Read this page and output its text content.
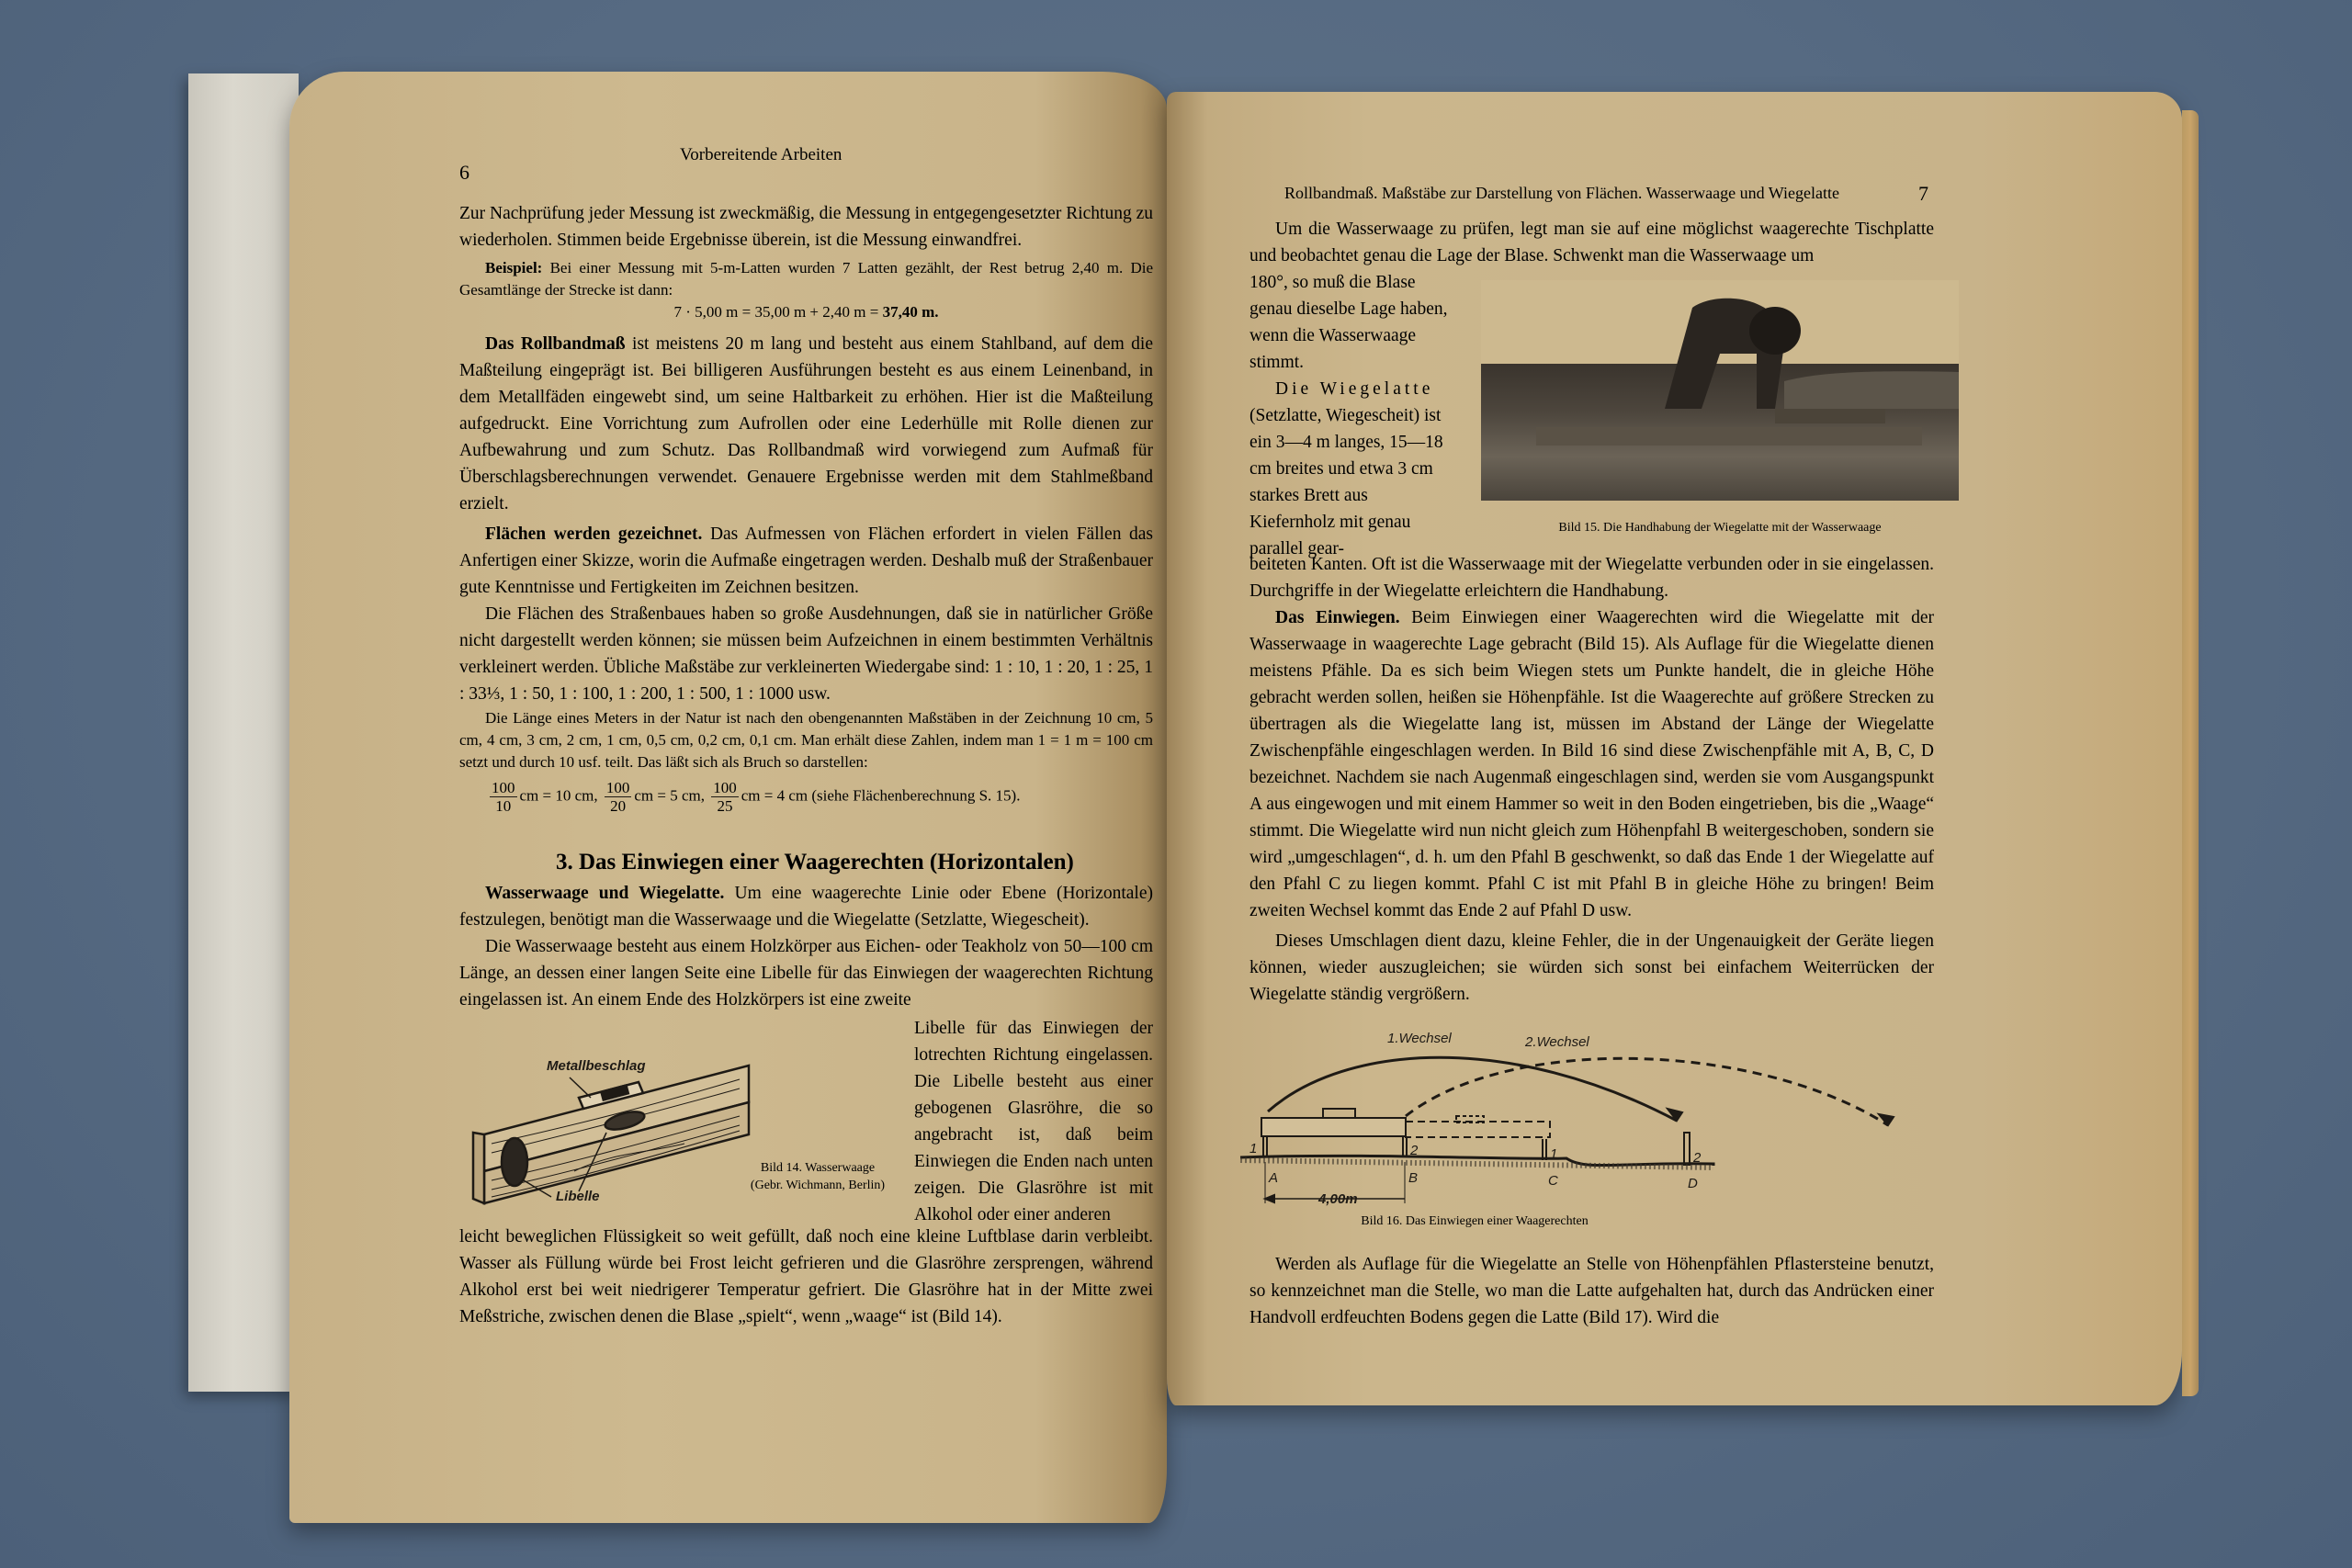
6
Vorbereitende Arbeiten

Zur Nachprüfung jeder Messung ist zweckmäßig, die Messung in entgegengesetzter Richtung zu wiederholen. Stimmen beide Ergebnisse überein, ist die Messung einwandfrei.

Beispiel: Bei einer Messung mit 5-m-Latten wurden 7 Latten gezählt, der Rest betrug 2,40 m. Die Gesamtlänge der Strecke ist dann:

7 · 5,00 m = 35,00 m + 2,40 m = 37,40 m.

Das Rollbandmaß ist meistens 20 m lang und besteht aus einem Stahlband, auf dem die Maßteilung eingeprägt ist. Bei billigeren Ausführungen besteht es aus einem Leinenband, in dem Metallfäden eingewebt sind, um seine Haltbarkeit zu erhöhen. Hier ist die Maßteilung aufgedruckt. Eine Vorrichtung zum Aufrollen oder eine Lederhülle mit Rolle dienen zur Aufbewahrung und zum Schutz. Das Rollbandmaß wird vorwiegend zum Aufmaß für Überschlagsberechnungen verwendet. Genauere Ergebnisse werden mit dem Stahlmeßband erzielt.

Flächen werden gezeichnet. Das Aufmessen von Flächen erfordert in vielen Fällen das Anfertigen einer Skizze, worin die Aufmaße eingetragen werden. Deshalb muß der Straßenbauer gute Kenntnisse und Fertigkeiten im Zeichnen besitzen.

Die Flächen des Straßenbaues haben so große Ausdehnungen, daß sie in natürlicher Größe nicht dargestellt werden können; sie müssen beim Aufzeichnen in einem bestimmten Verhältnis verkleinert werden. Übliche Maßstäbe zur verkleinerten Wiedergabe sind: 1 : 10, 1 : 20, 1 : 25, 1 : 33⅓, 1 : 50, 1 : 100, 1 : 200, 1 : 500, 1 : 1000 usw.

Die Länge eines Meters in der Natur ist nach den obengenannten Maßstäben in der Zeichnung 10 cm, 5 cm, 4 cm, 3 cm, 2 cm, 1 cm, 0,5 cm, 0,2 cm, 0,1 cm. Man erhält diese Zahlen, indem man 1 = 1 m = 100 cm setzt und durch 10 usf. teilt. Das läßt sich als Bruch so darstellen:

$\frac{100}{10}$ cm = 10 cm, $\frac{100}{20}$ cm = 5 cm, $\frac{100}{25}$ cm = 4 cm (siehe Flächenberechnung S. 15).

3. Das Einwiegen einer Waagerechten (Horizontalen)

Wasserwaage und Wiegelatte. Um eine waagerechte Linie oder Ebene (Horizontale) festzulegen, benötigt man die Wasserwaage und die Wiegelatte (Setzlatte, Wiegescheit).

Die Wasserwaage besteht aus einem Holzkörper aus Eichen- oder Teakholz von 50—100 cm Länge, an dessen einer langen Seite eine Libelle für das Einwiegen der waagerechten Richtung eingelassen ist. An einem Ende des Holzkörpers ist eine zweite

Metallbeschlag
Libelle
Bild 14. Wasserwaage
(Gebr. Wichmann, Berlin)

Libelle für das Einwiegen der lotrechten Richtung eingelassen. Die Libelle besteht aus einer gebogenen Glasröhre, die so angebracht ist, daß beim Einwiegen die Enden nach unten zeigen. Die Glasröhre ist mit Alkohol oder einer anderen

leicht beweglichen Flüssigkeit so weit gefüllt, daß noch eine kleine Luftblase darin verbleibt. Wasser als Füllung würde bei Frost leicht gefrieren und die Glasröhre zersprengen, während Alkohol erst bei weit niedrigerer Temperatur gefriert. Die Glasröhre hat in der Mitte zwei Meßstriche, zwischen denen die Blase „spielt“, wenn „waage“ ist (Bild 14).

Rollbandmaß. Maßstäbe zur Darstellung von Flächen. Wasserwaage und Wiegelatte	7

Um die Wasserwaage zu prüfen, legt man sie auf eine möglichst waagerechte Tischplatte und beobachtet genau die Lage der Blase. Schwenkt man die Wasserwaage um

180°, so muß die Blase genau dieselbe Lage haben, wenn die Wasserwaage stimmt.

Die Wiegelatte (Setzlatte, Wiegescheit) ist ein 3—4 m langes, 15—18 cm breites und etwa 3 cm starkes Brett aus Kiefernholz mit genau parallel gear-

Bild 15. Die Handhabung der Wiegelatte mit der Wasserwaage

beiteten Kanten. Oft ist die Wasserwaage mit der Wiegelatte verbunden oder in sie eingelassen. Durchgriffe in der Wiegelatte erleichtern die Handhabung.

Das Einwiegen. Beim Einwiegen einer Waagerechten wird die Wiegelatte mit der Wasserwaage in waagerechte Lage gebracht (Bild 15). Als Auflage für die Wiegelatte dienen meistens Pfähle. Da es sich beim Wiegen stets um Punkte handelt, die in gleiche Höhe gebracht werden sollen, heißen sie Höhenpfähle. Ist die Waagerechte auf größere Strecken zu übertragen als die Wiegelatte lang ist, müssen im Abstand der Länge der Wiegelatte Zwischenpfähle eingeschlagen werden. In Bild 16 sind diese Zwischenpfähle mit A, B, C, D bezeichnet. Nachdem sie nach Augenmaß eingeschlagen sind, werden sie vom Ausgangspunkt A aus eingewogen und mit einem Hammer so weit in den Boden eingetrieben, bis die „Waage“ stimmt. Die Wiegelatte wird nun nicht gleich zum Höhenpfahl B weitergeschoben, sondern sie wird „umgeschlagen“, d. h. um den Pfahl B geschwenkt, so daß das Ende 1 der Wiegelatte auf den Pfahl C zu liegen kommt. Pfahl C ist mit Pfahl B in gleiche Höhe zu bringen! Beim zweiten Wechsel kommt das Ende 2 auf Pfahl D usw.

Dieses Umschlagen dient dazu, kleine Fehler, die in der Ungenauigkeit der Geräte liegen können, wieder auszugleichen; sie würden sich sonst bei einfachem Weiterrücken der Wiegelatte ständig vergrößern.

1.Wechsel	2.Wechsel
1	2	1	2
A	B	C	D
4,00m
Bild 16. Das Einwiegen einer Waagerechten

Werden als Auflage für die Wiegelatte an Stelle von Höhenpfählen Pflastersteine benutzt, so kennzeichnet man die Stelle, wo man die Latte aufgehalten hat, durch das Andrücken einer Handvoll erdfeuchten Bodens gegen die Latte (Bild 17). Wird die
